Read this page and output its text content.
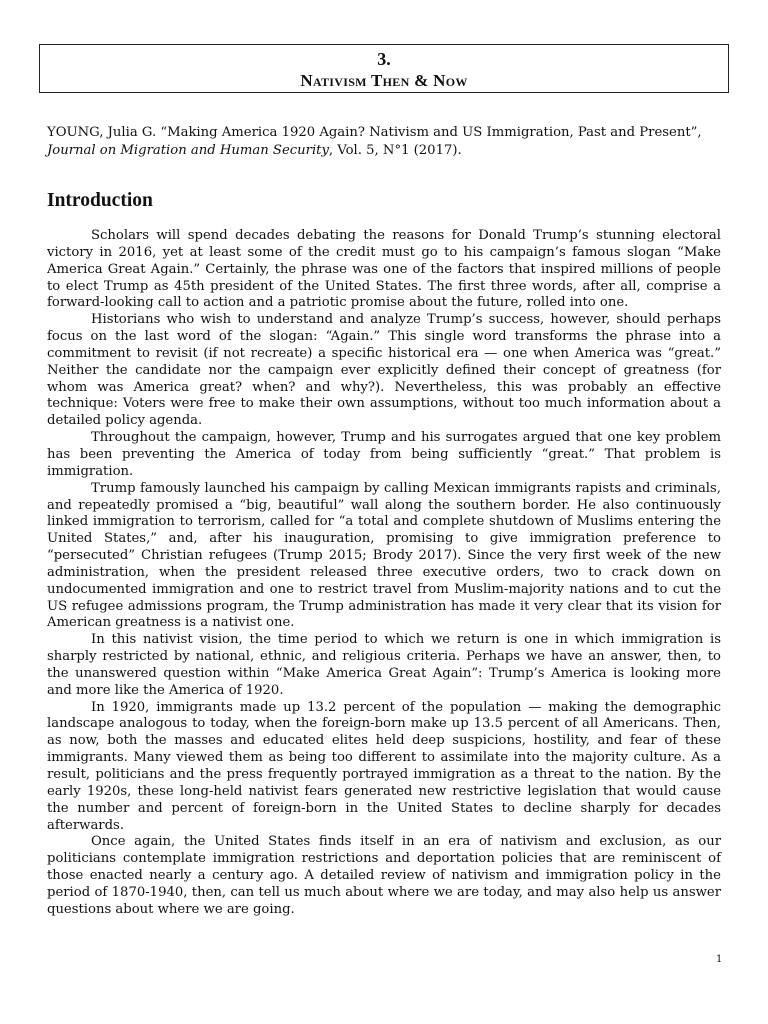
3.
Nativism Then & Now
YOUNG, Julia G. “Making America 1920 Again? Nativism and US Immigration, Past and Present”, Journal on Migration and Human Security, Vol. 5, N°1 (2017).
Introduction

Scholars will spend decades debating the reasons for Donald Trump’s stunning electoral victory in 2016, yet at least some of the credit must go to his campaign’s famous slogan “Make America Great Again.” Certainly, the phrase was one of the factors that inspired millions of people to elect Trump as 45th president of the United States. The first three words, after all, comprise a forward-looking call to action and a patriotic promise about the future, rolled into one.

Historians who wish to understand and analyze Trump’s success, however, should perhaps focus on the last word of the slogan: “Again.” This single word transforms the phrase into a commitment to revisit (if not recreate) a specific historical era — one when America was “great.” Neither the candidate nor the campaign ever explicitly defined their concept of greatness (for whom was America great? when? and why?). Nevertheless, this was probably an effective technique: Voters were free to make their own assumptions, without too much information about a detailed policy agenda.

Throughout the campaign, however, Trump and his surrogates argued that one key problem has been preventing the America of today from being sufficiently “great.” That problem is immigration.

Trump famously launched his campaign by calling Mexican immigrants rapists and criminals, and repeatedly promised a “big, beautiful” wall along the southern border. He also continuously linked immigration to terrorism, called for “a total and complete shutdown of Muslims entering the United States,” and, after his inauguration, promising to give immigration preference to “persecuted” Christian refugees (Trump 2015; Brody 2017). Since the very first week of the new administration, when the president released three executive orders, two to crack down on undocumented immigration and one to restrict travel from Muslim-majority nations and to cut the US refugee admissions program, the Trump administration has made it very clear that its vision for American greatness is a nativist one.

In this nativist vision, the time period to which we return is one in which immigration is sharply restricted by national, ethnic, and religious criteria. Perhaps we have an answer, then, to the unanswered question within “Make America Great Again”: Trump’s America is looking more and more like the America of 1920.

In 1920, immigrants made up 13.2 percent of the population — making the demographic landscape analogous to today, when the foreign-born make up 13.5 percent of all Americans. Then, as now, both the masses and educated elites held deep suspicions, hostility, and fear of these immigrants. Many viewed them as being too different to assimilate into the majority culture. As a result, politicians and the press frequently portrayed immigration as a threat to the nation. By the early 1920s, these long-held nativist fears generated new restrictive legislation that would cause the number and percent of foreign-born in the United States to decline sharply for decades afterwards.

Once again, the United States finds itself in an era of nativism and exclusion, as our politicians contemplate immigration restrictions and deportation policies that are reminiscent of those enacted nearly a century ago. A detailed review of nativism and immigration policy in the period of 1870-1940, then, can tell us much about where we are today, and may also help us answer questions about where we are going.

1
